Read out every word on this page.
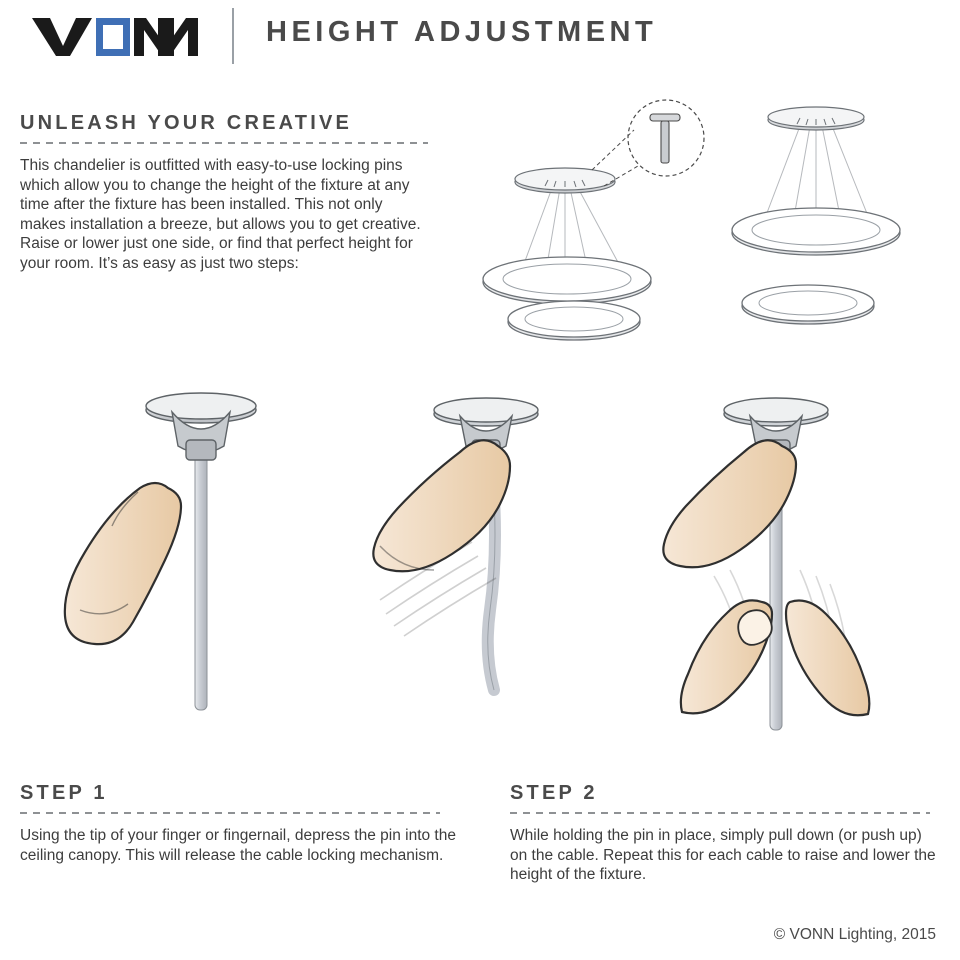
HEIGHT ADJUSTMENT
UNLEASH YOUR CREATIVE
This chandelier is outfitted with easy-to-use locking pins which allow you to change the height of the fixture at any time after the fixture has been installed. This not only makes installation a breeze, but allows you to get creative. Raise or lower just one side, or find that perfect height for your room. It’s as easy as just two steps:
STEP 1
Using the tip of your finger or fingernail, depress the pin into the ceiling canopy. This will release the cable locking mechanism.
STEP 2
While holding the pin in place, simply pull down (or push up) on the cable. Repeat this for each cable to raise and lower the height of the fixture.
© VONN Lighting, 2015
